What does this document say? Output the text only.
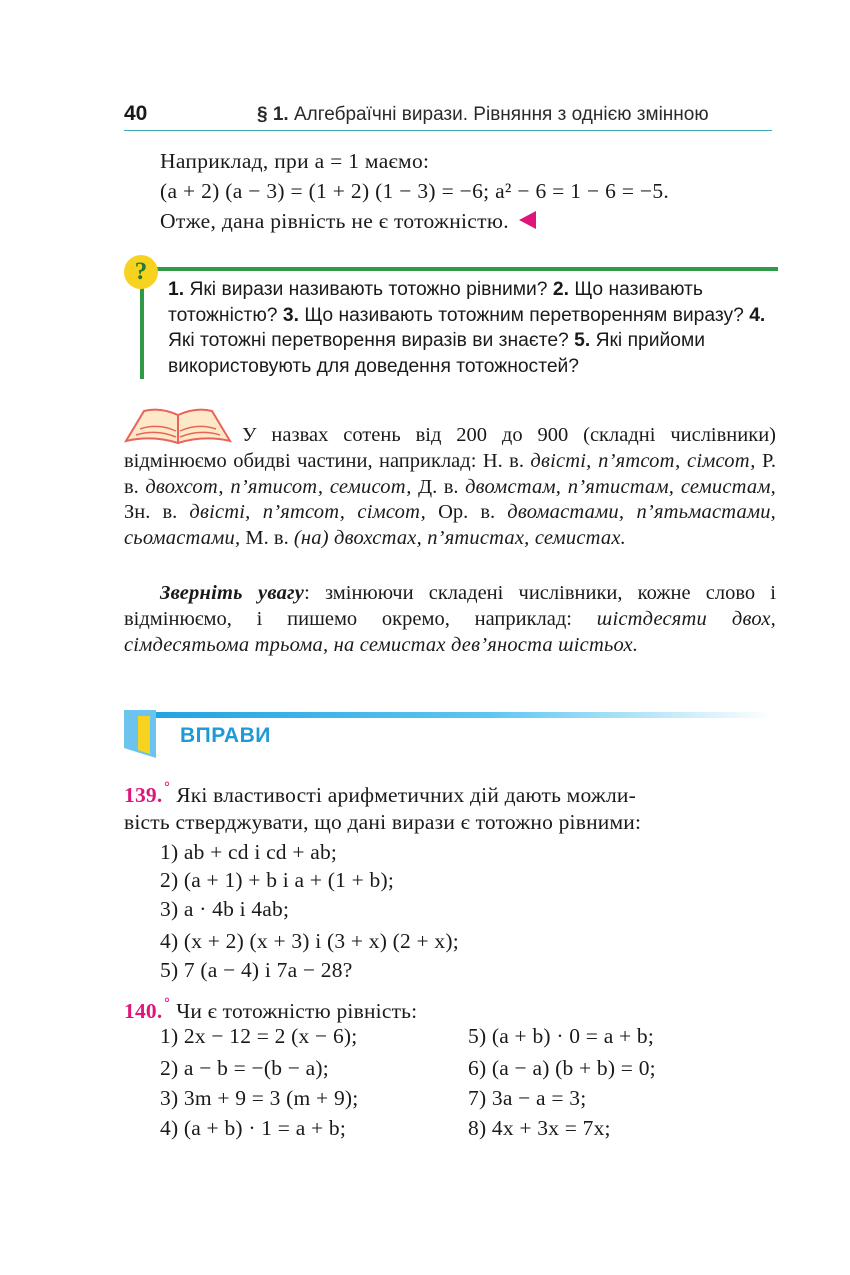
40	§ 1. Алгебраїчні вирази. Рівняння з однією змінною
Наприклад, при a = 1 маємо:
(a + 2) (a − 3) = (1 + 2) (1 − 3) = −6; a² − 6 = 1 − 6 = −5.
Отже, дана рівність не є тотожністю.
?
1. Які вирази називають тотожно рівними? 2. Що називають тотожністю? 3. Що називають тотожним перетворенням виразу? 4. Які тотожні перетворення виразів ви знаєте? 5. Які прийоми використовують для доведення тотожностей?
У назвах сотень від 200 до 900 (складні числівники) відмінюємо обидві частини, наприклад: Н. в. двісті, п’ятсот, сімсот, Р. в. двохсот, п’ятисот, семисот, Д. в. двомстам, п’ятистам, семистам, Зн. в. двісті, п’ятсот, сімсот, Ор. в. двомастами, п’ятьмастами, сьомастами, М. в. (на) двохстах, п’ятистах, семистах.
Зверніть увагу: змінюючи складені числівники, кожне слово і відмінюємо, і пишемо окремо, наприклад: шістдесяти двох, сімдесятьома трьома, на семистах дев’яноста шістьох.
ВПРАВИ
139.° Які властивості арифметичних дій дають можли-
вість стверджувати, що дані вирази є тотожно рівними:
1) ab + cd і cd + ab;
2) (a + 1) + b і a + (1 + b);
3) a · 4b і 4ab;
4) (x + 2) (x + 3) і (3 + x) (2 + x);
5) 7 (a − 4) і 7a − 28?
140.° Чи є тотожністю рівність:
1) 2x − 12 = 2 (x − 6);
2) a − b = −(b − a);
3) 3m + 9 = 3 (m + 9);
4) (a + b) · 1 = a + b;
5) (a + b) · 0 = a + b;
6) (a − a) (b + b) = 0;
7) 3a − a = 3;
8) 4x + 3x = 7x;
